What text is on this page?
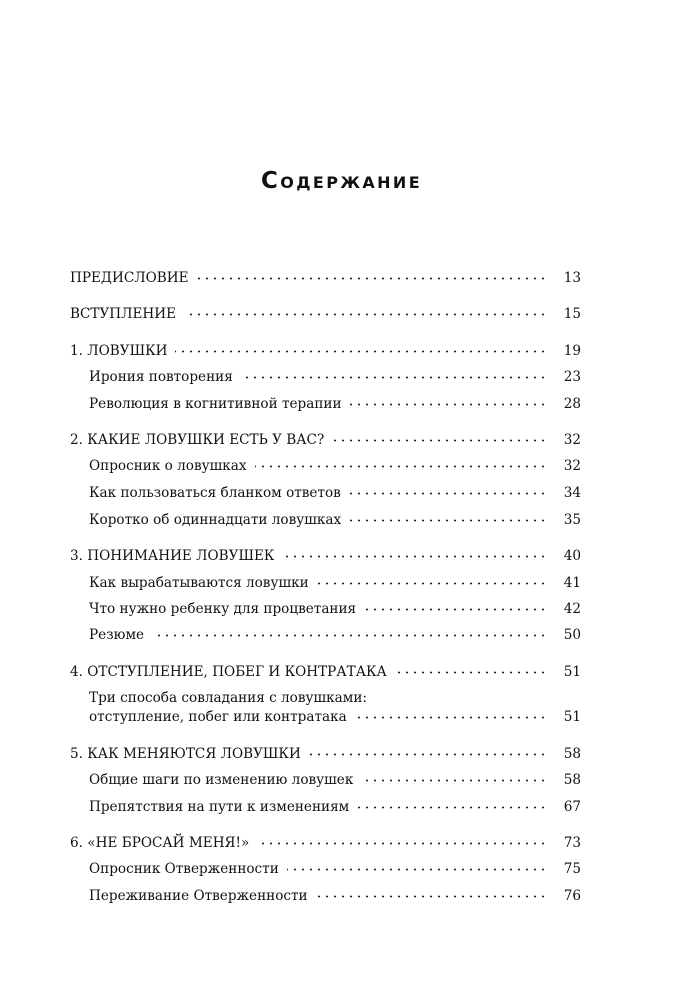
Содержание
ПРЕДИСЛОВИЕ	13
ВСТУПЛЕНИЕ	15
1. ЛОВУШКИ	19
Ирония повторения	23
Революция в когнитивной терапии	28
2. КАКИЕ ЛОВУШКИ ЕСТЬ У ВАС?	32
Опросник о ловушках	32
Как пользоваться бланком ответов	34
Коротко об одиннадцати ловушках	35
3. ПОНИМАНИЕ ЛОВУШЕК	40
Как вырабатываются ловушки	41
Что нужно ребенку для процветания	42
Резюме	50
4. ОТСТУПЛЕНИЕ, ПОБЕГ И КОНТРАТАКА	51
Три способа совладания с ловушками:
отступление, побег или контратака	51
5. КАК МЕНЯЮТСЯ ЛОВУШКИ	58
Общие шаги по изменению ловушек	58
Препятствия на пути к изменениям	67
6. «НЕ БРОСАЙ МЕНЯ!»	73
Опросник Отверженности	75
Переживание Отверженности	76
